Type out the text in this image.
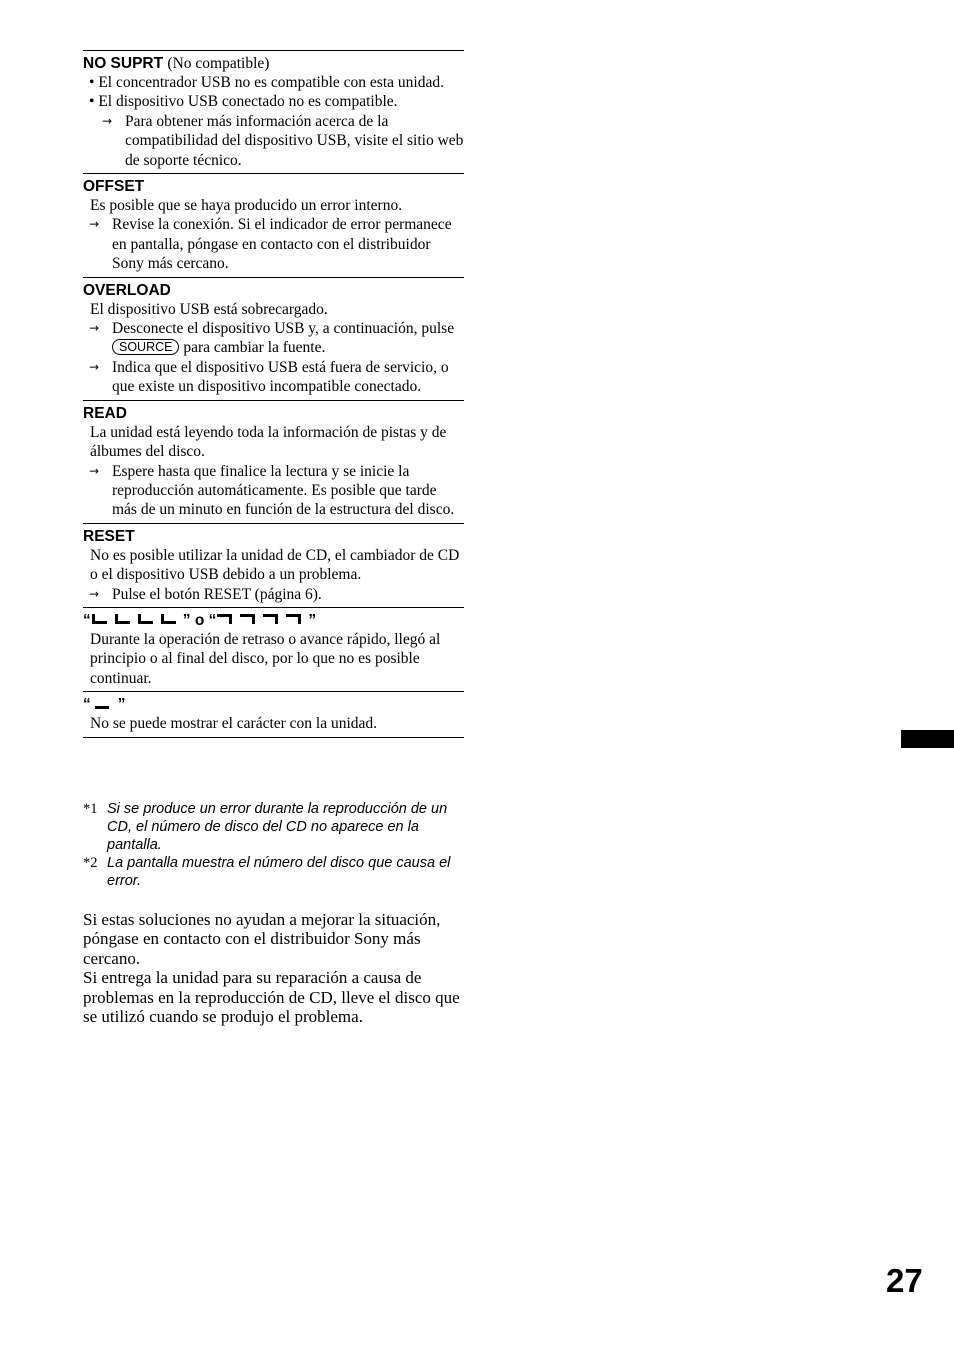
NO SUPRT (No compatible)
• El concentrador USB no es compatible con esta unidad.
• El dispositivo USB conectado no es compatible.
→ Para obtener más información acerca de la compatibilidad del dispositivo USB, visite el sitio web de soporte técnico.
OFFSET
Es posible que se haya producido un error interno.
→ Revise la conexión. Si el indicador de error permanece en pantalla, póngase en contacto con el distribuidor Sony más cercano.
OVERLOAD
El dispositivo USB está sobrecargado.
→ Desconecte el dispositivo USB y, a continuación, pulse SOURCE para cambiar la fuente.
→ Indica que el dispositivo USB está fuera de servicio, o que existe un dispositivo incompatible conectado.
READ
La unidad está leyendo toda la información de pistas y de álbumes del disco.
→ Espere hasta que finalice la lectura y se inicie la reproducción automáticamente. Es posible que tarde más de un minuto en función de la estructura del disco.
RESET
No es posible utilizar la unidad de CD, el cambiador de CD o el dispositivo USB debido a un problema.
→ Pulse el botón RESET (página 6).
“	” o “	”
Durante la operación de retraso o avance rápido, llegó al principio o al final del disco, por lo que no es posible continuar.
“ ”
No se puede mostrar el carácter con la unidad.
*1 Si se produce un error durante la reproducción de un CD, el número de disco del CD no aparece en la pantalla.
*2 La pantalla muestra el número del disco que causa el error.
Si estas soluciones no ayudan a mejorar la situación, póngase en contacto con el distribuidor Sony más cercano.
Si entrega la unidad para su reparación a causa de problemas en la reproducción de CD, lleve el disco que se utilizó cuando se produjo el problema.
27
